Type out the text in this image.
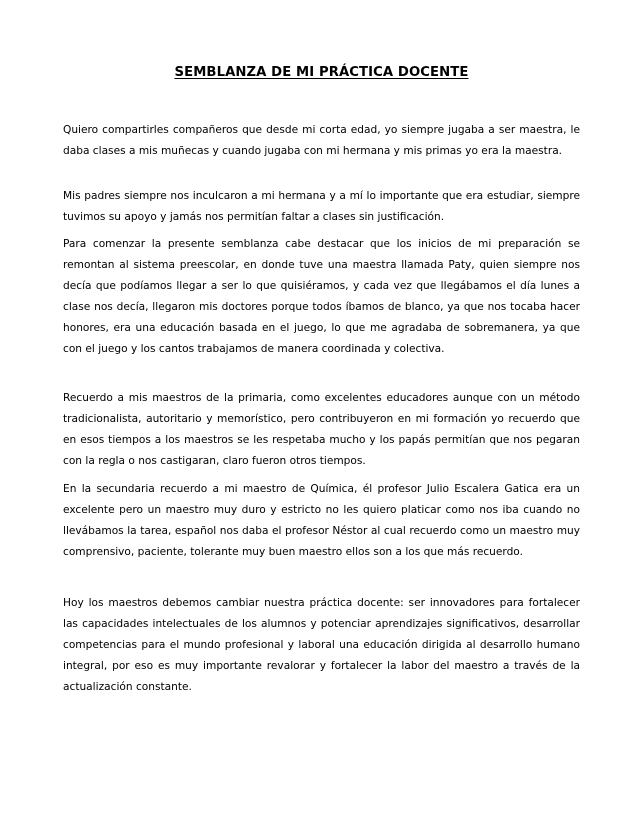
SEMBLANZA DE MI PRÁCTICA DOCENTE

Quiero compartirles compañeros que desde mi corta edad, yo siempre jugaba a ser maestra, le daba clases a mis muñecas y cuando jugaba con mi hermana y mis primas yo era la maestra.

Mis padres siempre nos inculcaron a mi hermana y a mí lo importante que era estudiar, siempre tuvimos su apoyo y jamás nos permitían faltar a clases sin justificación.

Para comenzar la presente semblanza cabe destacar que los inicios de mi preparación se remontan al sistema preescolar, en donde tuve una maestra llamada Paty, quien siempre nos decía que podíamos llegar a ser lo que quisiéramos, y cada vez que llegábamos el día lunes a clase nos decía, llegaron mis doctores porque todos íbamos de blanco, ya que nos tocaba hacer honores, era una educación basada en el juego, lo que me agradaba de sobremanera, ya que con el juego y los cantos trabajamos de manera coordinada y colectiva.

Recuerdo a mis maestros de la primaria, como excelentes educadores aunque con un método tradicionalista, autoritario y memorístico, pero contribuyeron en mi formación yo recuerdo que en esos tiempos a los maestros se les respetaba mucho y los papás permitían que nos pegaran con la regla o nos castigaran, claro fueron otros tiempos.

En la secundaria recuerdo a mi maestro de Química, él profesor Julio Escalera Gatica era un excelente pero un maestro muy duro y estricto no les quiero platicar como nos iba cuando no llevábamos la tarea, español nos daba el profesor Néstor al cual recuerdo como un maestro muy comprensivo, paciente, tolerante muy buen maestro ellos son a los que más recuerdo.

Hoy los maestros debemos cambiar nuestra práctica docente: ser innovadores para fortalecer las capacidades intelectuales de los alumnos y potenciar aprendizajes significativos, desarrollar competencias para el mundo profesional y laboral una educación dirigida al desarrollo humano integral, por eso es muy importante revalorar y fortalecer la labor del maestro a través de la actualización constante.
